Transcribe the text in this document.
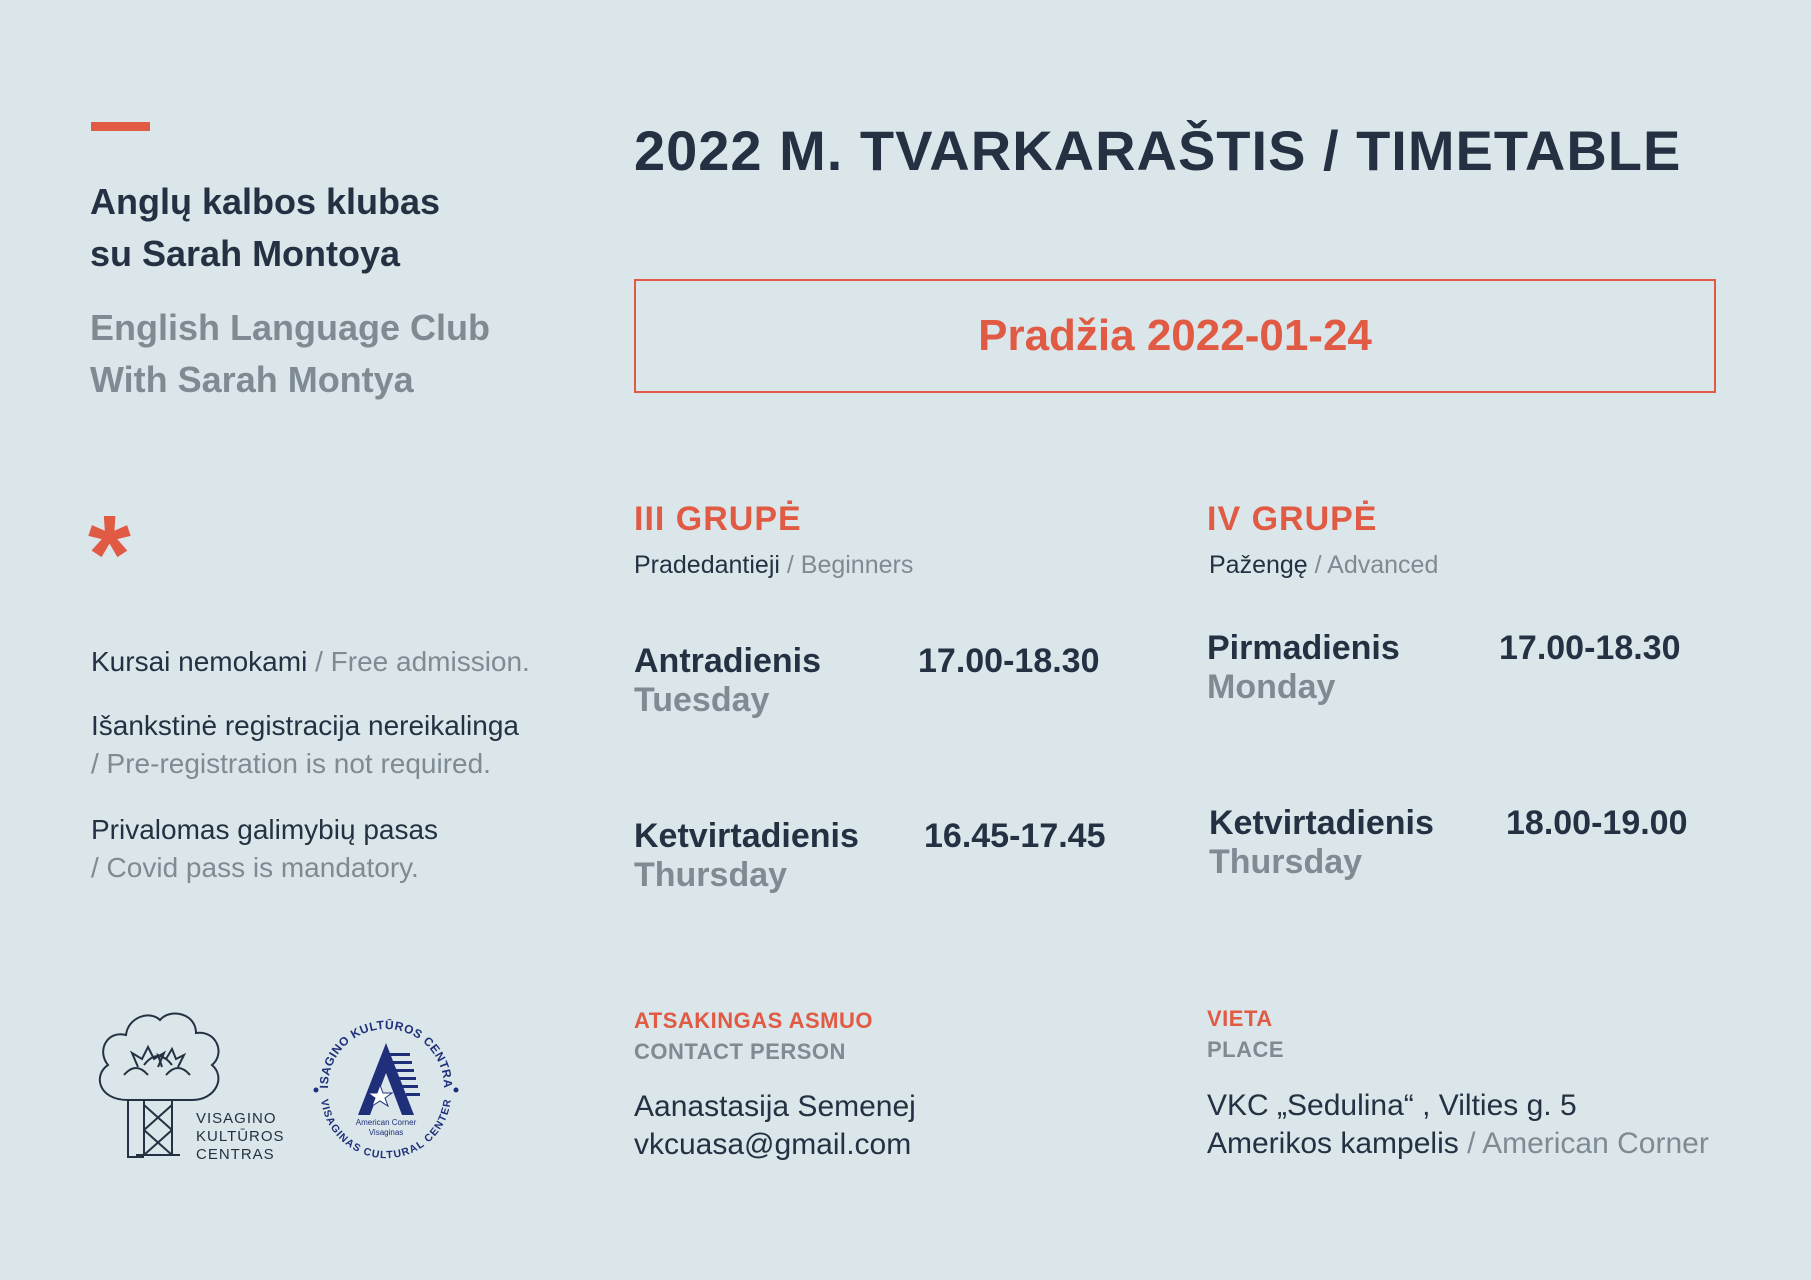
Anglų kalbos klubas
su Sarah Montoya
English Language Club
With Sarah Montya
*
Kursai nemokami / Free admission.
Išankstinė registracija nereikalinga
/ Pre-registration is not required.
Privalomas galimybių pasas
/ Covid pass is mandatory.
VISAGINO
KULTŪROS
CENTRAS
ISAGINO KULTŪROS CENTRA
VISAGINAS CULTURAL CENTER
American Corner
Visaginas
2022 M. TVARKARAŠTIS / TIMETABLE
Pradžia 2022-01-24
III GRUPĖ
Pradedantieji / Beginners
Antradienis
Tuesday
17.00-18.30
Ketvirtadienis
Thursday
16.45-17.45
IV GRUPĖ
Pažengę / Advanced
Pirmadienis
Monday
17.00-18.30
Ketvirtadienis
Thursday
18.00-19.00
ATSAKINGAS ASMUO
CONTACT PERSON
Aanastasija Semenej
vkcuasa@gmail.com
VIETA
PLACE
VKC „Sedulina“ , Vilties g. 5
Amerikos kampelis / American Corner
